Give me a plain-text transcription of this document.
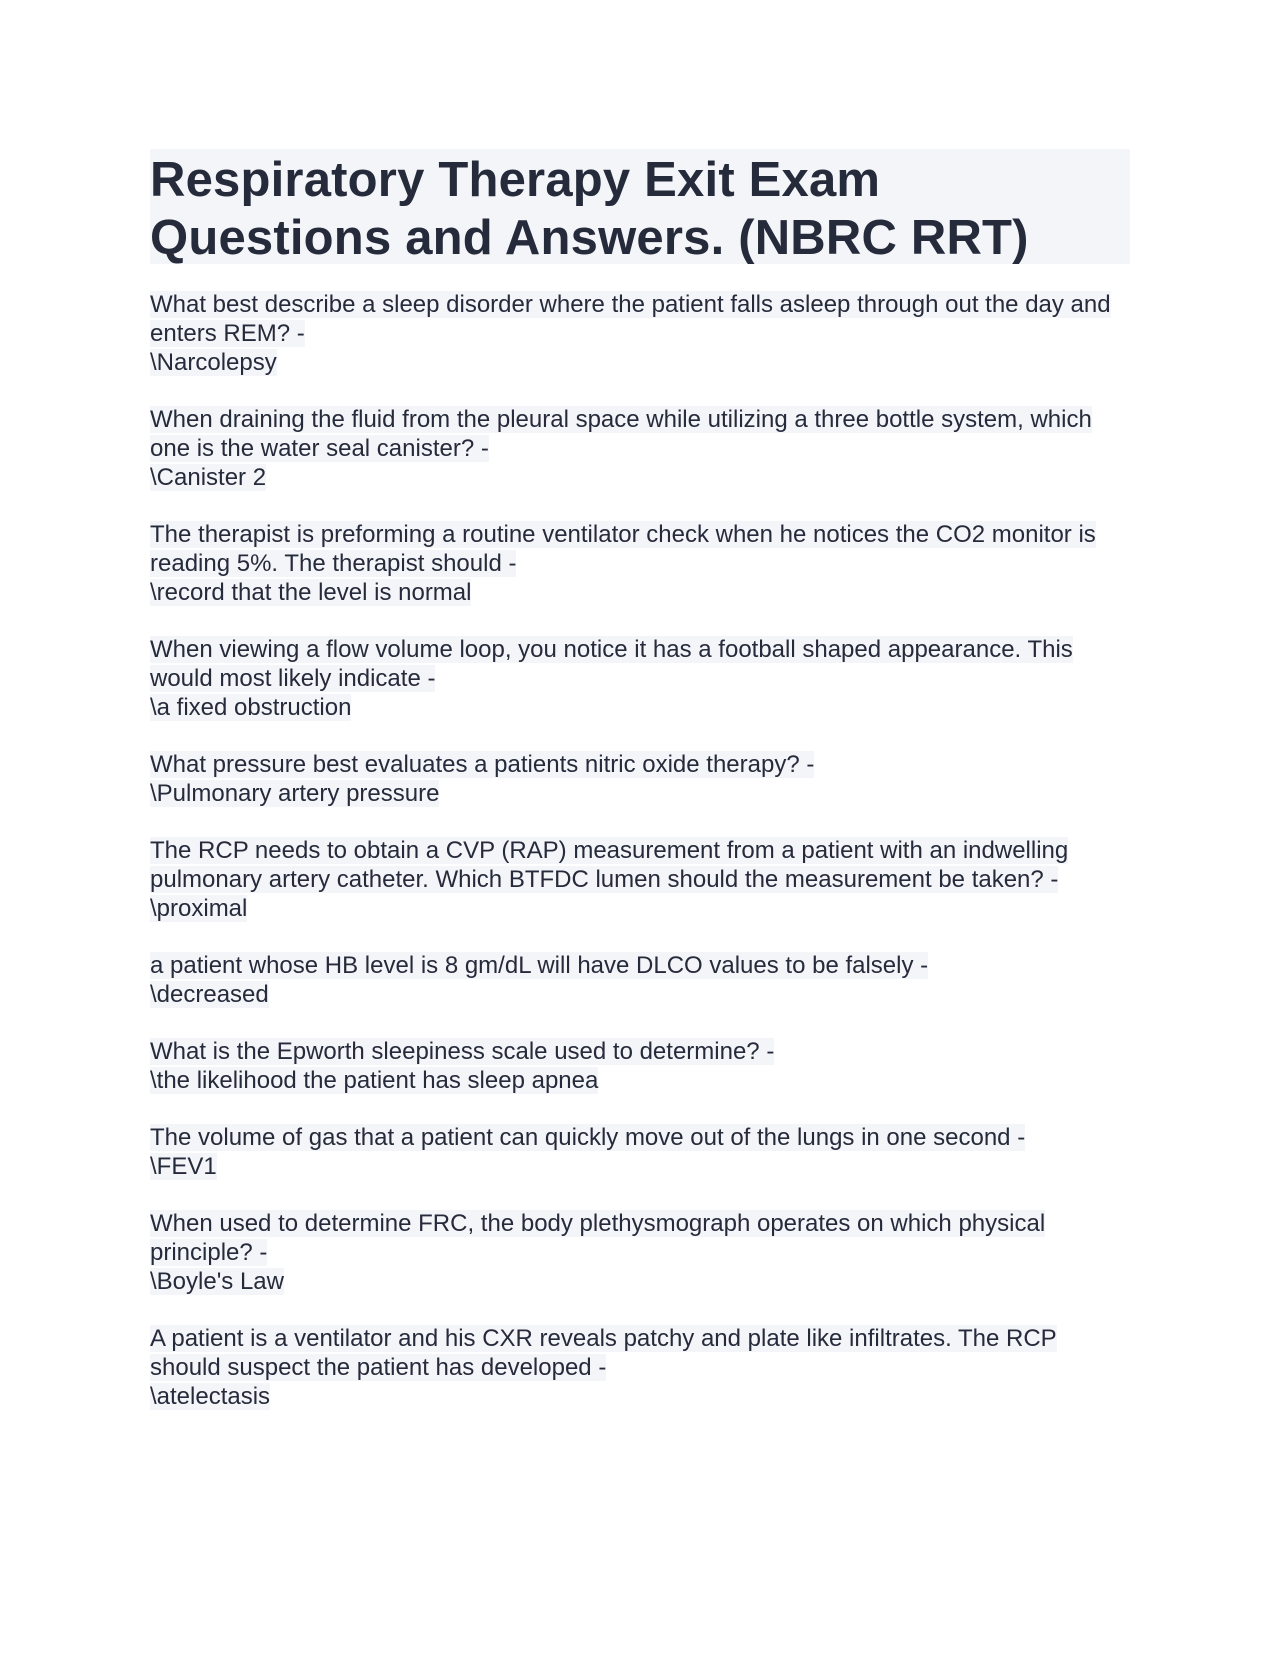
Respiratory Therapy Exit Exam Questions and Answers. (NBRC RRT)
What best describe a sleep disorder where the patient falls asleep through out the day and enters REM? -
\Narcolepsy
When draining the fluid from the pleural space while utilizing a three bottle system, which one is the water seal canister? -
\Canister 2
The therapist is preforming a routine ventilator check when he notices the CO2 monitor is reading 5%. The therapist should -
\record that the level is normal
When viewing a flow volume loop, you notice it has a football shaped appearance. This would most likely indicate -
\a fixed obstruction
What pressure best evaluates a patients nitric oxide therapy? -
\Pulmonary artery pressure
The RCP needs to obtain a CVP (RAP) measurement from a patient with an indwelling pulmonary artery catheter. Which BTFDC lumen should the measurement be taken? -
\proximal
a patient whose HB level is 8 gm/dL will have DLCO values to be falsely -
\decreased
What is the Epworth sleepiness scale used to determine? -
\the likelihood the patient has sleep apnea
The volume of gas that a patient can quickly move out of the lungs in one second -
\FEV1
When used to determine FRC, the body plethysmograph operates on which physical principle? -
\Boyle's Law
A patient is a ventilator and his CXR reveals patchy and plate like infiltrates. The RCP should suspect the patient has developed -
\atelectasis
